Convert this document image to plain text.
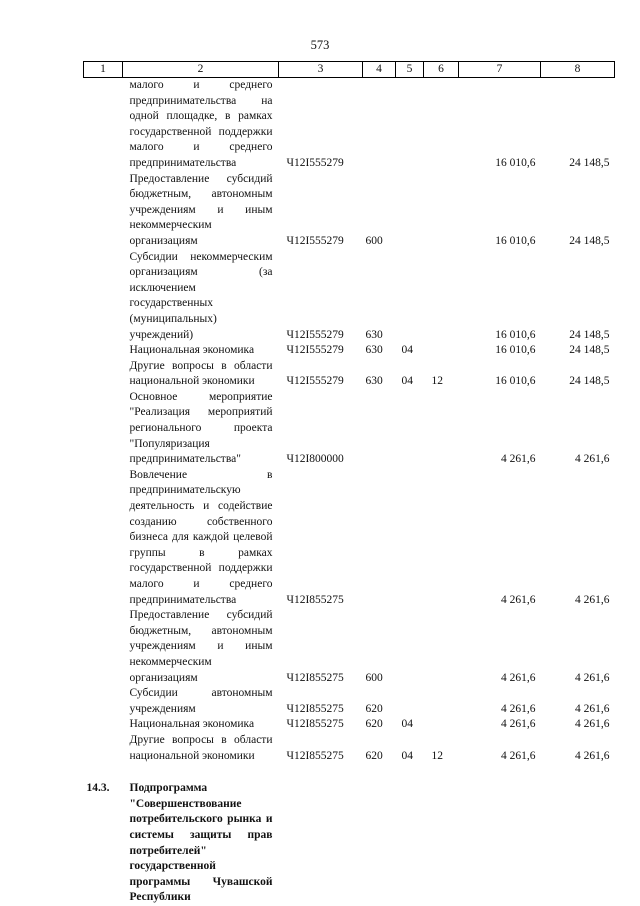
573
1	2	3	4	5	6	7	8
	малого и среднего предпринимательства на одной площадке, в рамках государственной поддержки малого и среднего предпринимательства	Ч12I555279				16 010,6	24 148,5
	Предоставление субсидий бюджетным, автономным учреждениям и иным некоммерческим организациям	Ч12I555279	600			16 010,6	24 148,5
	Субсидии некоммерческим организациям (за исключением государственных (муниципальных) учреждений)	Ч12I555279	630			16 010,6	24 148,5
	Национальная экономика	Ч12I555279	630	04		16 010,6	24 148,5
	Другие вопросы в области национальной экономики	Ч12I555279	630	04	12	16 010,6	24 148,5
	Основное мероприятие "Реализация мероприятий регионального проекта "Популяризация предпринимательства"	Ч12I800000				4 261,6	4 261,6
	Вовлечение в предпринимательскую деятельность и содействие созданию собственного бизнеса для каждой целевой группы в рамках государственной поддержки малого и среднего предпринимательства	Ч12I855275				4 261,6	4 261,6
	Предоставление субсидий бюджетным, автономным учреждениям и иным некоммерческим организациям	Ч12I855275	600			4 261,6	4 261,6
	Субсидии автономным учреждениям	Ч12I855275	620			4 261,6	4 261,6
	Национальная экономика	Ч12I855275	620	04		4 261,6	4 261,6
	Другие вопросы в области национальной экономики	Ч12I855275	620	04	12	4 261,6	4 261,6

14.3.	Подпрограмма "Совершенствование потребительского рынка и системы защиты прав потребителей" государственной программы Чувашской Республики						
